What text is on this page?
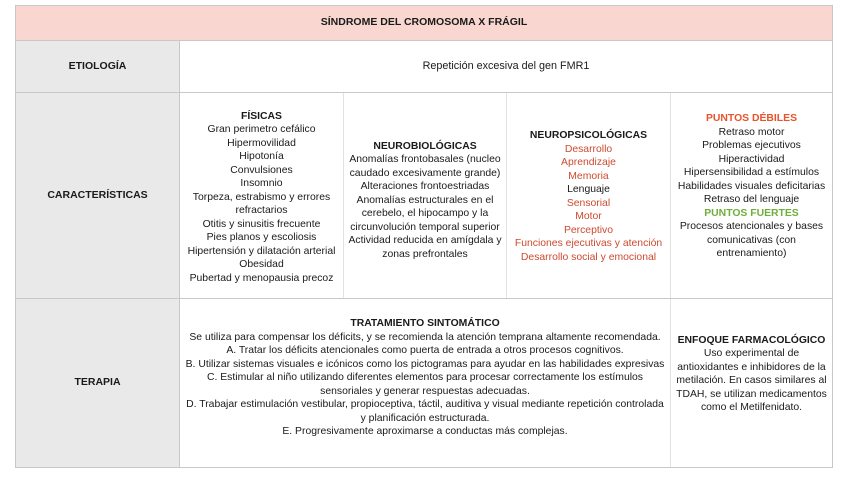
SÍNDROME DEL CROMOSOMA X FRÁGIL
ETIOLOGÍA	Repetición excesiva del gen FMR1
CARACTERÍSTICAS
FÍSICAS
Gran perimetro cefálico
Hipermovilidad
Hipotonía
Convulsiones
Insomnio
Torpeza, estrabismo y errores
refractarios
Otitis y sinusitis frecuente
Pies planos y escoliosis
Hipertensión y dilatación arterial
Obesidad
Pubertad y menopausia precoz
NEUROBIOLÓGICAS
Anomalías frontobasales (nucleo
caudado excesivamente grande)
Alteraciones frontoestriadas
Anomalías estructurales en el
cerebelo, el hipocampo y la
circunvolución temporal superior
Actividad reducida en amígdala y
zonas prefrontales
NEUROPSICOLÓGICAS
Desarrollo
Aprendizaje
Memoria
Lenguaje
Sensorial
Motor
Perceptivo
Funciones ejecutivas y atención
Desarrollo social y emocional
PUNTOS DÉBILES
Retraso motor
Problemas ejecutivos
Hiperactividad
Hipersensibilidad a estímulos
Habilidades visuales deficitarias
Retraso del lenguaje
PUNTOS FUERTES
Procesos atencionales y bases
comunicativas (con
entrenamiento)
TERAPIA
TRATAMIENTO SINTOMÁTICO
Se utiliza para compensar los déficits, y se recomienda la atención temprana altamente recomendada.
A. Tratar los déficits atencionales como puerta de entrada a otros procesos cognitivos.
B. Utilizar sistemas visuales e icónicos como los pictogramas para ayudar en las habilidades expresivas
C. Estimular al niño utilizando diferentes elementos para procesar correctamente los estímulos
sensoriales y generar respuestas adecuadas.
D. Trabajar estimulación vestibular, propioceptiva, táctil, auditiva y visual mediante repetición controlada
y planificación estructurada.
E. Progresivamente aproximarse a conductas más complejas.
ENFOQUE FARMACOLÓGICO
Uso experimental de
antioxidantes e inhibidores de la
metilación. En casos similares al
TDAH, se utilizan medicamentos
como el Metilfenidato.
